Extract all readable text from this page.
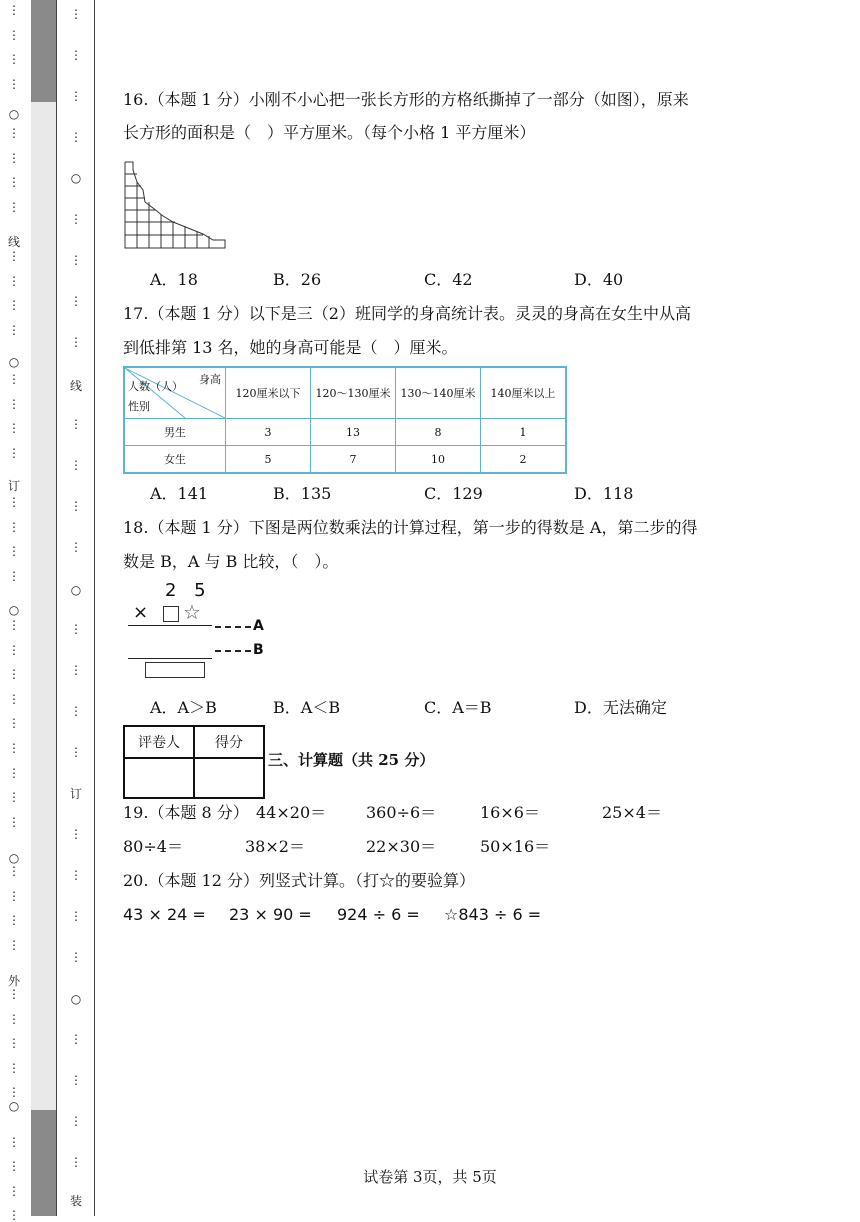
⋮
⋮
⋮
⋮
○
⋮
⋮
⋮
⋮
线
⋮
⋮
⋮
⋮
○
⋮
⋮
⋮
⋮
订
⋮
⋮
⋮
⋮
○
⋮
⋮
⋮
⋮
⋮
⋮
⋮
⋮
⋮
○
⋮
⋮
⋮
⋮
外
⋮
⋮
⋮
⋮
⋮
○
⋮
⋮
⋮
⋮
⋮
⋮
⋮
⋮
○
⋮
⋮
⋮
⋮
线
⋮
⋮
⋮
⋮
○
⋮
⋮
⋮
⋮
订
⋮
⋮
⋮
⋮
○
⋮
⋮
⋮
⋮
装
16.（本题 1 分）小刚不小心把一张长方形的方格纸撕掉了一部分（如图），原来
长方形的面积是（　）平方厘米。（每个小格 1 平方厘米）
A．18	B．26	C．42	D．40
17.（本题 1 分）以下是三（2）班同学的身高统计表。灵灵的身高在女生中从高
到低排第 13 名，她的身高可能是（　）厘米。
身高
人数（人）
性别	120厘米以下	120～130厘米	130～140厘米	140厘米以上
男生	3	13	8	1
女生	5	7	10	2
A．141	B．135	C．129	D．118
18.（本题 1 分）下图是两位数乘法的计算过程，第一步的得数是 A，第二步的得
数是 B，A 与 B 比较，（　）。
2 5
× ☆
A
B
A．A＞B	B．A＜B	C．A＝B	D．无法确定
评卷人	得分

三、计算题（共 25 分）
19.（本题 8 分） 44×20＝ 360÷6＝	16×6＝	25×4＝
80÷4＝	38×2＝	22×30＝	50×16＝
20.（本题 12 分）列竖式计算。（打☆的要验算）
43 × 24 = 23 × 90 = 924 ÷ 6 = ☆843 ÷ 6 =
试卷第 3页，共 5页
